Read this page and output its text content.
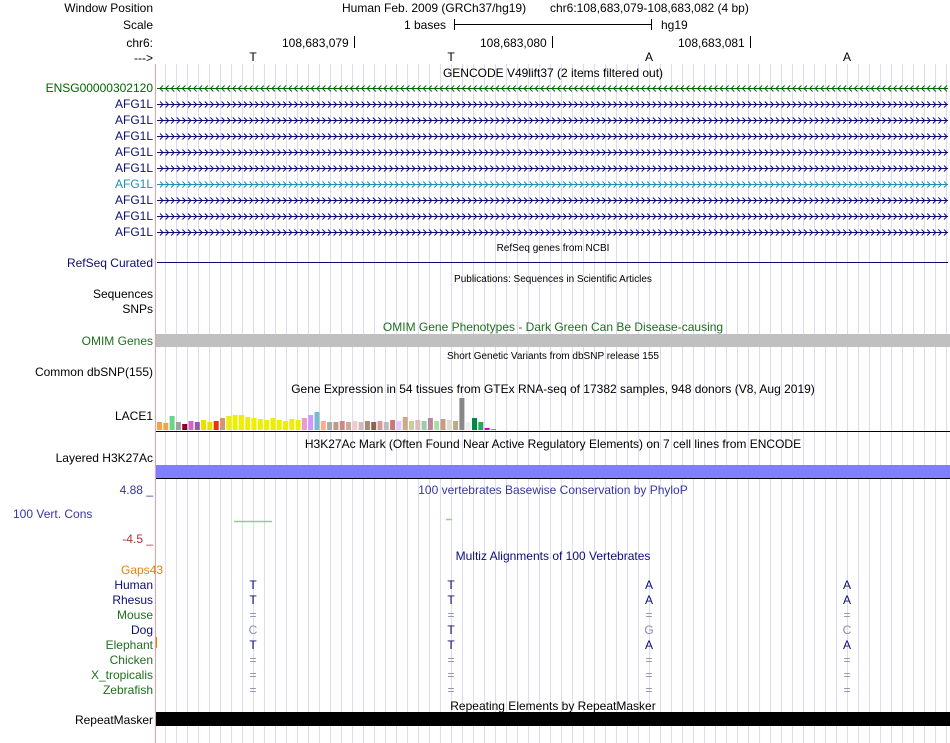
Window Position	Human Feb. 2009 (GRCh37/hg19) chr6:108,683,079-108,683,082 (4 bp)
Scale	1 bases	hg19
chr6:	108,683,079	108,683,080	108,683,081
--->	T	T	A	A
GENCODE V49lift37 (2 items filtered out)
ENSG00000302120
AFG1L
AFG1L
AFG1L
AFG1L
AFG1L
AFG1L
AFG1L
AFG1L
AFG1L
RefSeq genes from NCBI
RefSeq Curated
Publications: Sequences in Scientific Articles
Sequences
SNPs
OMIM Gene Phenotypes - Dark Green Can Be Disease-causing
OMIM Genes
Short Genetic Variants from dbSNP release 155
Common dbSNP(155)
Gene Expression in 54 tissues from GTEx RNA-seq of 17382 samples, 948 donors (V8, Aug 2019)
LACE1
H3K27Ac Mark (Often Found Near Active Regulatory Elements) on 7 cell lines from ENCODE
Layered H3K27Ac
4.88 _	100 vertebrates Basewise Conservation by PhyloP
100 Vert. Cons
-4.5 _
Multiz Alignments of 100 Vertebrates
Gaps43
Human	T	T	A	A
Rhesus	T	T	A	A
Mouse	=	=	=	=
Dog	C	T	G	C
Elephant	T	T	A	A
Chicken	=	=	=	=
X_tropicalis	=	=	=	=
Zebrafish	=	=	=	=
Repeating Elements by RepeatMasker
RepeatMasker
